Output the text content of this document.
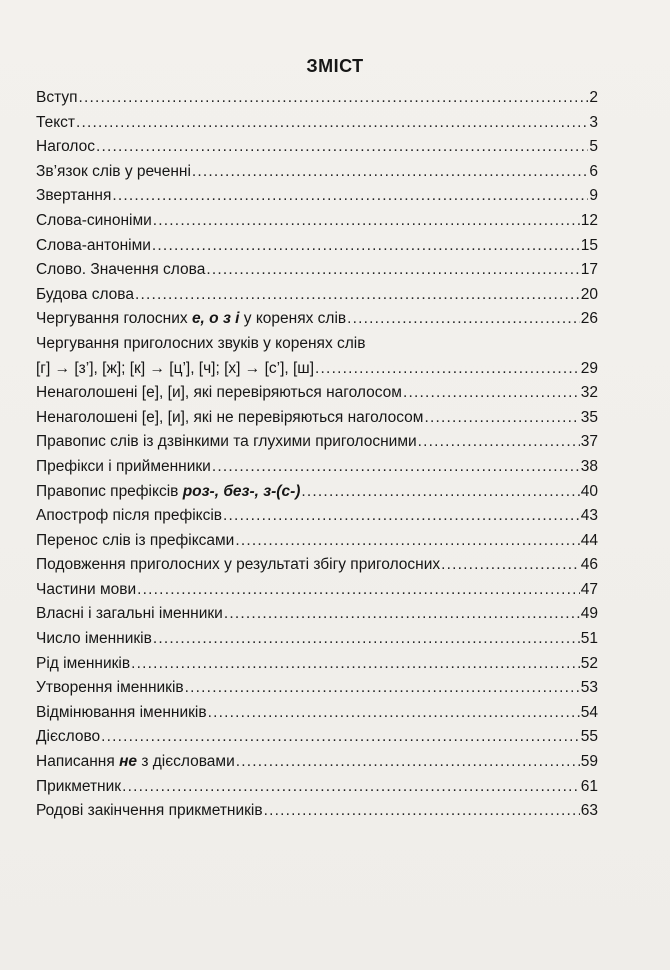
ЗМІСТ
Вступ .....	2
Текст .....	3
Наголос .....	5
Зв’язок слів у реченні .....	6
Звертання .....	9
Слова-синоніми .....	12
Слова-антоніми .....	15
Слово. Значення слова .....	17
Будова слова .....	20
Чергування голосних е, о з і у коренях слів .....	26
Чергування приголосних звуків у коренях слів
[г] → [з’], [ж]; [к] → [ц’], [ч]; [х] → [с’], [ш] .....	29
Ненаголошені [е], [и], які перевіряються наголосом .....	32
Ненаголошені [е], [и], які не перевіряються наголосом .....	35
Правопис слів із дзвінкими та глухими приголосними .....	37
Префікси і прийменники .....	38
Правопис префіксів роз-, без-, з-(с-) .....	40
Апостроф після префіксів .....	43
Перенос слів із префіксами .....	44
Подовження приголосних у результаті збігу приголосних .....	46
Частини мови .....	47
Власні і загальні іменники .....	49
Число іменників .....	51
Рід іменників .....	52
Утворення іменників .....	53
Відмінювання іменників .....	54
Дієслово .....	55
Написання не з дієсловами .....	59
Прикметник .....	61
Родові закінчення прикметників .....	63
